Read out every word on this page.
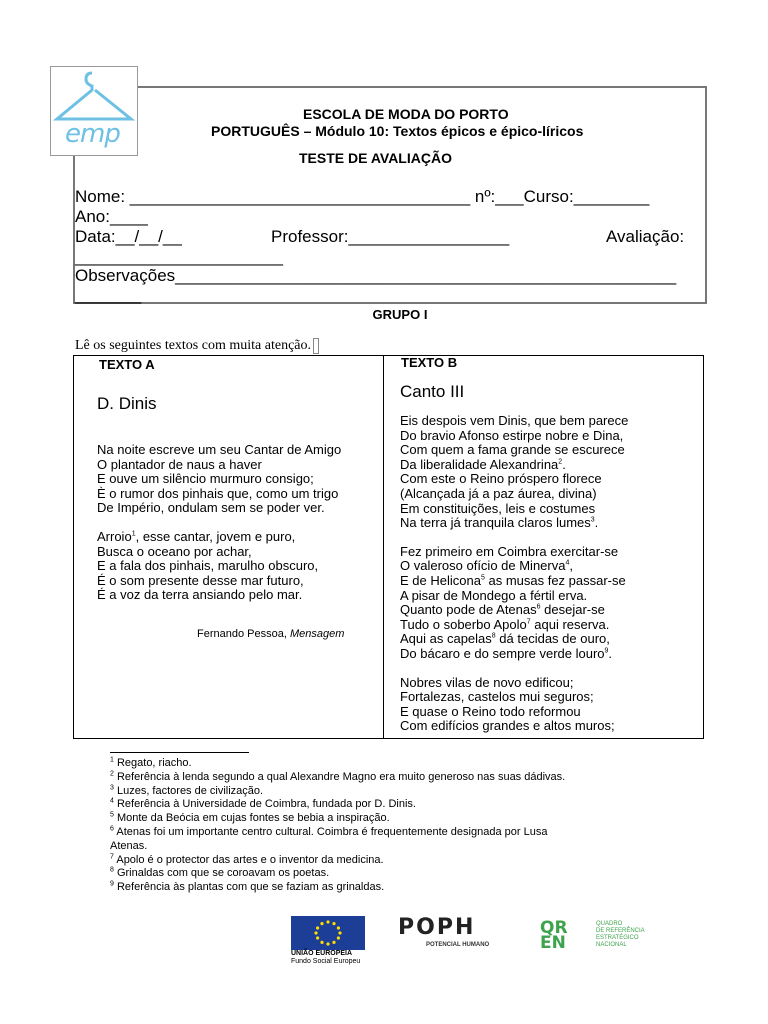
emp
ESCOLA DE MODA DO PORTO
PORTUGUÊS – Módulo 10: Textos épicos e épico-líricos
TESTE DE AVALIAÇÃO
Nome: ____________________________________ nº:___Curso:________
Ano:____
Data:__/__/__	Professor:_________________	Avaliação:
______________________
Observações_____________________________________________________
_______
GRUPO I
Lê os seguintes textos com muita atenção.
TEXTO A
D. Dinis
Na noite escreve um seu Cantar de Amigo
O plantador de naus a haver
E ouve um silêncio murmuro consigo;
È o rumor dos pinhais que, como um trigo
De Império, ondulam sem se poder ver.
Arroio$^1$, esse cantar, jovem e puro,
Busca o oceano por achar,
E a fala dos pinhais, marulho obscuro,
É o som presente desse mar futuro,
É a voz da terra ansiando pelo mar.
Fernando Pessoa, Mensagem
TEXTO B
Canto III
Eis despois vem Dinis, que bem parece
Do bravio Afonso estirpe nobre e Dina,
Com quem a fama grande se escurece
Da liberalidade Alexandrina$^2$.
Com este o Reino próspero florece
(Alcançada já a paz áurea, divina)
Em constituições, leis e costumes
Na terra já tranquila claros lumes$^3$.
Fez primeiro em Coimbra exercitar-se
O valeroso ofício de Minerva$^4$,
E de Helicona$^5$ as musas fez passar-se
A pisar de Mondego a fértil erva.
Quanto pode de Atenas$^6$ desejar-se
Tudo o soberbo Apolo$^7$ aqui reserva.
Aqui as capelas$^8$ dá tecidas de ouro,
Do bácaro e do sempre verde louro$^9$.
Nobres vilas de novo edificou;
Fortalezas, castelos mui seguros;
E quase o Reino todo reformou
Com edifícios grandes e altos muros;
$^1$ Regato, riacho.
$^2$ Referência à lenda segundo a qual Alexandre Magno era muito generoso nas suas dádivas.
$^3$ Luzes, factores de civilização.
$^4$ Referência à Universidade de Coimbra, fundada por D. Dinis.
$^5$ Monte da Beócia em cujas fontes se bebia a inspiração.
$^6$ Atenas foi um importante centro cultural. Coimbra é frequentemente designada por Lusa
Atenas.
$^7$ Apolo é o protector das artes e o inventor da medicina.
$^8$ Grinaldas com que se coroavam os poetas.
$^9$ Referência às plantas com que se faziam as grinaldas.
UNIÃO EUROPEIA
Fundo Social Europeu
POPH
POTENCIAL HUMANO
QREN
QUADRO
DE REFERÊNCIA
ESTRATÉGICO
NACIONAL
